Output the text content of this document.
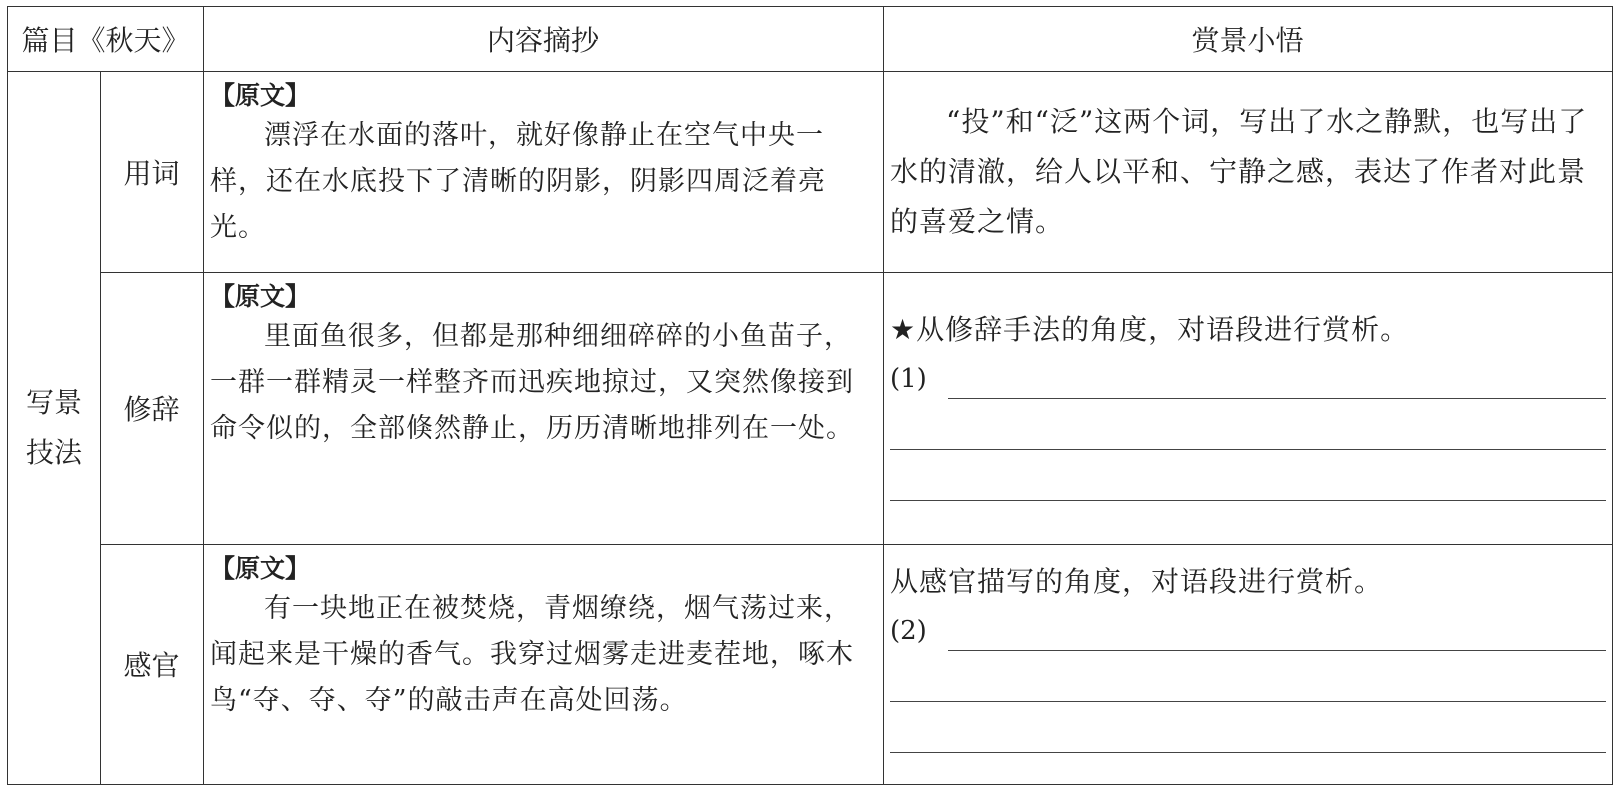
篇目《秋天》	内容摘抄	赏景小悟
写景技法
用词
【原文】
漂浮在水面的落叶，就好像静止在空气中央一样，还在水底投下了清晰的阴影，阴影四周泛着亮光。
“投”和“泛”这两个词，写出了水之静默，也写出了水的清澈，给人以平和、宁静之感，表达了作者对此景的喜爱之情。
修辞
【原文】
里面鱼很多，但都是那种细细碎碎的小鱼苗子，一群一群精灵一样整齐而迅疾地掠过，又突然像接到命令似的，全部倏然静止，历历清晰地排列在一处。
★从修辞手法的角度，对语段进行赏析。
(1)
感官
【原文】
有一块地正在被焚烧，青烟缭绕，烟气荡过来，闻起来是干燥的香气。我穿过烟雾走进麦茬地，啄木鸟“夺、夺、夺”的敲击声在高处回荡。
从感官描写的角度，对语段进行赏析。
(2)
